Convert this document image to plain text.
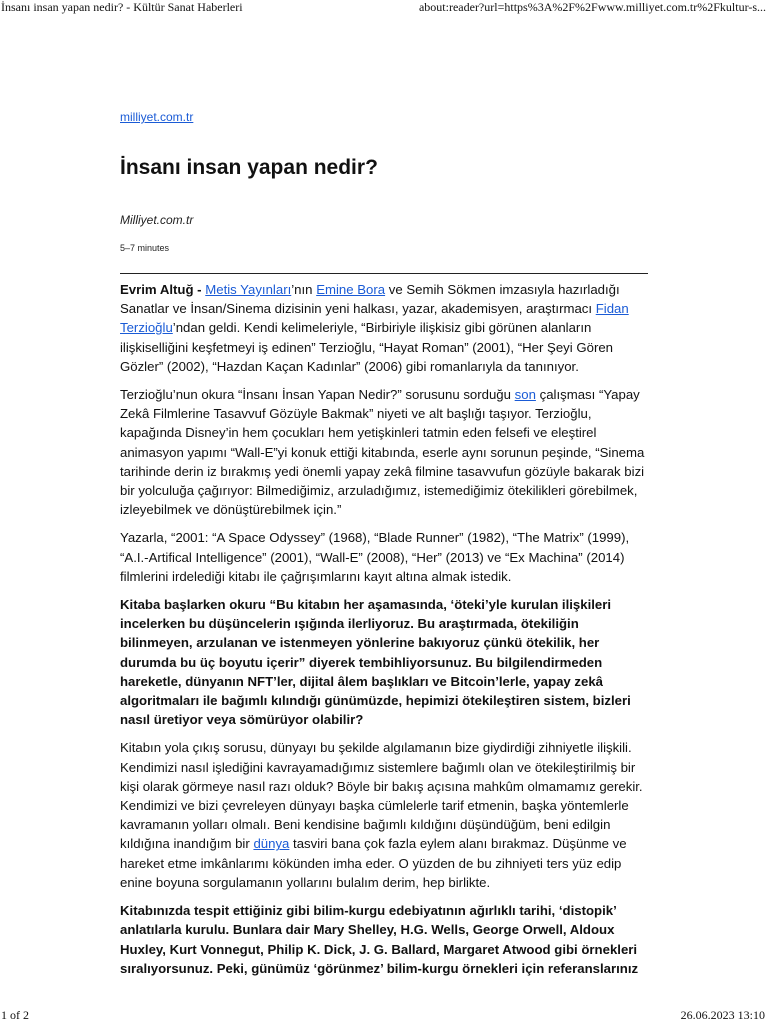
İnsanı insan yapan nedir? - Kültür Sanat Haberleri	about:reader?url=https%3A%2F%2Fwww.milliyet.com.tr%2Fkultur-s...
milliyet.com.tr
İnsanı insan yapan nedir?
Milliyet.com.tr
5–7 minutes

Evrim Altuğ - Metis Yayınları’nın Emine Bora ve Semih Sökmen imzasıyla hazırladığı Sanatlar ve İnsan/Sinema dizisinin yeni halkası, yazar, akademisyen, araştırmacı Fidan Terzioğlu’ndan geldi. Kendi kelimeleriyle, “Birbiriyle ilişkisiz gibi görünen alanların ilişkiselliğini keşfetmeyi iş edinen” Terzioğlu, “Hayat Roman” (2001), “Her Şeyi Gören Gözler” (2002), “Hazdan Kaçan Kadınlar” (2006) gibi romanlarıyla da tanınıyor.

Terzioğlu’nun okura “İnsanı İnsan Yapan Nedir?” sorusunu sorduğu son çalışması “Yapay Zekâ Filmlerine Tasavvuf Gözüyle Bakmak” niyeti ve alt başlığı taşıyor. Terzioğlu, kapağında Disney’in hem çocukları hem yetişkinleri tatmin eden felsefi ve eleştirel animasyon yapımı “Wall-E”yi konuk ettiği kitabında, eserle aynı sorunun peşinde, “Sinema tarihinde derin iz bırakmış yedi önemli yapay zekâ filmine tasavvufun gözüyle bakarak bizi bir yolculuğa çağırıyor: Bilmediğimiz, arzuladığımız, istemediğimiz ötekilikleri görebilmek, izleyebilmek ve dönüştürebilmek için.”

Yazarla, “2001: “A Space Odyssey” (1968), “Blade Runner” (1982), “The Matrix” (1999), “A.I.-Artifical Intelligence” (2001), “Wall-E” (2008), “Her” (2013) ve “Ex Machina” (2014) filmlerini irdelediği kitabı ile çağrışımlarını kayıt altına almak istedik.

Kitaba başlarken okuru “Bu kitabın her aşamasında, ‘öteki’yle kurulan ilişkileri incelerken bu düşüncelerin ışığında ilerliyoruz. Bu araştırmada, ötekiliğin bilinmeyen, arzulanan ve istenmeyen yönlerine bakıyoruz çünkü ötekilik, her durumda bu üç boyutu içerir” diyerek tembihliyorsunuz. Bu bilgilendirmeden hareketle, dünyanın NFT’ler, dijital âlem başlıkları ve Bitcoin’lerle, yapay zekâ algoritmaları ile bağımlı kılındığı günümüzde, hepimizi ötekileştiren sistem, bizleri nasıl üretiyor veya sömürüyor olabilir?

Kitabın yola çıkış sorusu, dünyayı bu şekilde algılamanın bize giydirdiği zihniyetle ilişkili. Kendimizi nasıl işlediğini kavrayamadığımız sistemlere bağımlı olan ve ötekileştirilmiş bir kişi olarak görmeye nasıl razı olduk? Böyle bir bakış açısına mahkûm olmamamız gerekir. Kendimizi ve bizi çevreleyen dünyayı başka cümlelerle tarif etmenin, başka yöntemlerle kavramanın yolları olmalı. Beni kendisine bağımlı kıldığını düşündüğüm, beni edilgin kıldığına inandığım bir dünya tasviri bana çok fazla eylem alanı bırakmaz. Düşünme ve hareket etme imkânlarımı kökünden imha eder. O yüzden de bu zihniyeti ters yüz edip enine boyuna sorgulamanın yollarını bulalım derim, hep birlikte.

Kitabınızda tespit ettiğiniz gibi bilim-kurgu edebiyatının ağırlıklı tarihi, ‘distopik’ anlatılarla kurulu. Bunlara dair Mary Shelley, H.G. Wells, George Orwell, Aldoux Huxley, Kurt Vonnegut, Philip K. Dick, J. G. Ballard, Margaret Atwood gibi örnekleri sıralıyorsunuz. Peki, günümüz ‘görünmez’ bilim-kurgu örnekleri için referanslarınız

1 of 2	26.06.2023 13:10
